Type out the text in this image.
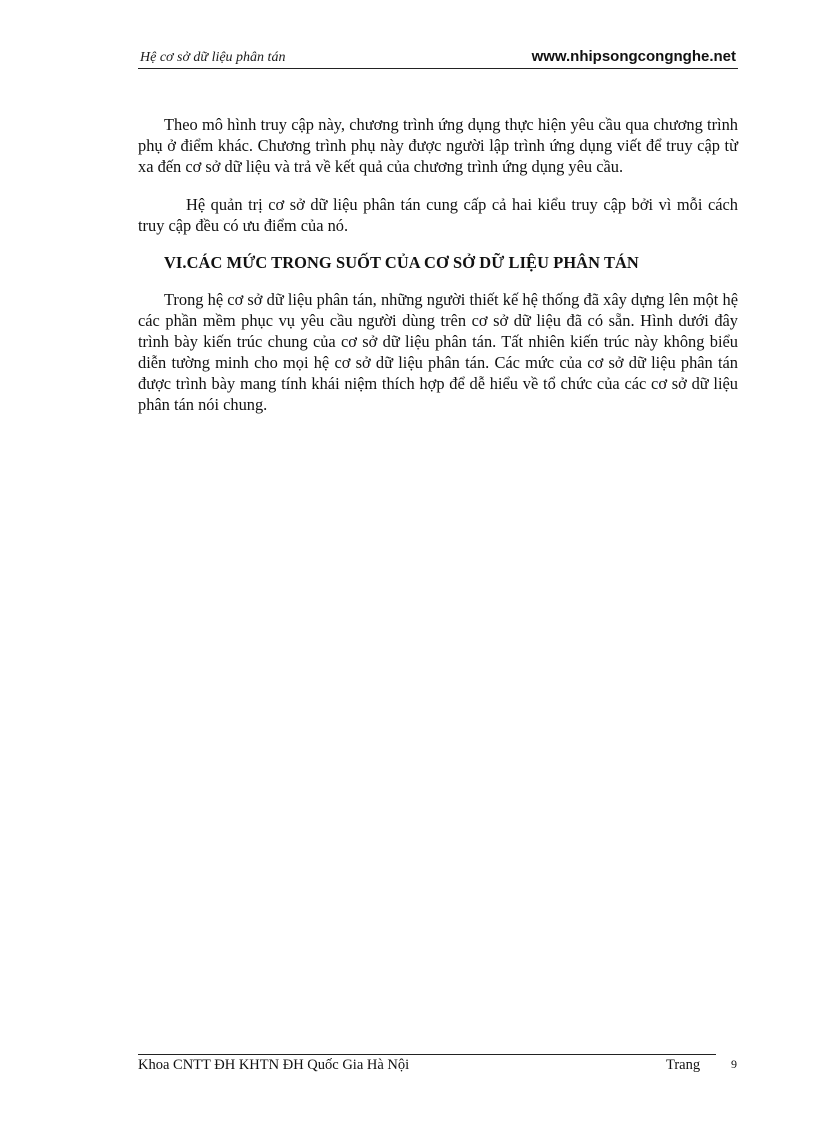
Hệ cơ sở dữ liệu phân tán	www.nhipsongcongnghe.net

Theo mô hình truy cập này, chương trình ứng dụng thực hiện yêu cầu qua chương trình phụ ở điểm khác. Chương trình phụ này được người lập trình ứng dụng viết để truy cập từ xa đến cơ sở dữ liệu và trả về kết quả của chương trình ứng dụng yêu cầu.

Hệ quản trị cơ sở dữ liệu phân tán cung cấp cả hai kiểu truy cập bởi vì mỗi cách truy cập đều có ưu điểm của nó.

VI.CÁC MỨC TRONG SUỐT CỦA CƠ SỞ DỮ LIỆU PHÂN TÁN

Trong hệ cơ sở dữ liệu phân tán, những người thiết kế hệ thống đã xây dựng lên một hệ các phần mềm phục vụ yêu cầu người dùng trên cơ sở dữ liệu đã có sẵn. Hình dưới đây trình bày kiến trúc chung của cơ sở dữ liệu phân tán. Tất nhiên kiến trúc này không biểu diễn tường minh cho mọi hệ cơ sở dữ liệu phân tán. Các mức của cơ sở dữ liệu phân tán được trình bày mang tính khái niệm thích hợp để dễ hiểu về tổ chức của các cơ sở dữ liệu phân tán nói chung.

Khoa CNTT ĐH KHTN ĐH Quốc Gia Hà Nội	Trang	9
